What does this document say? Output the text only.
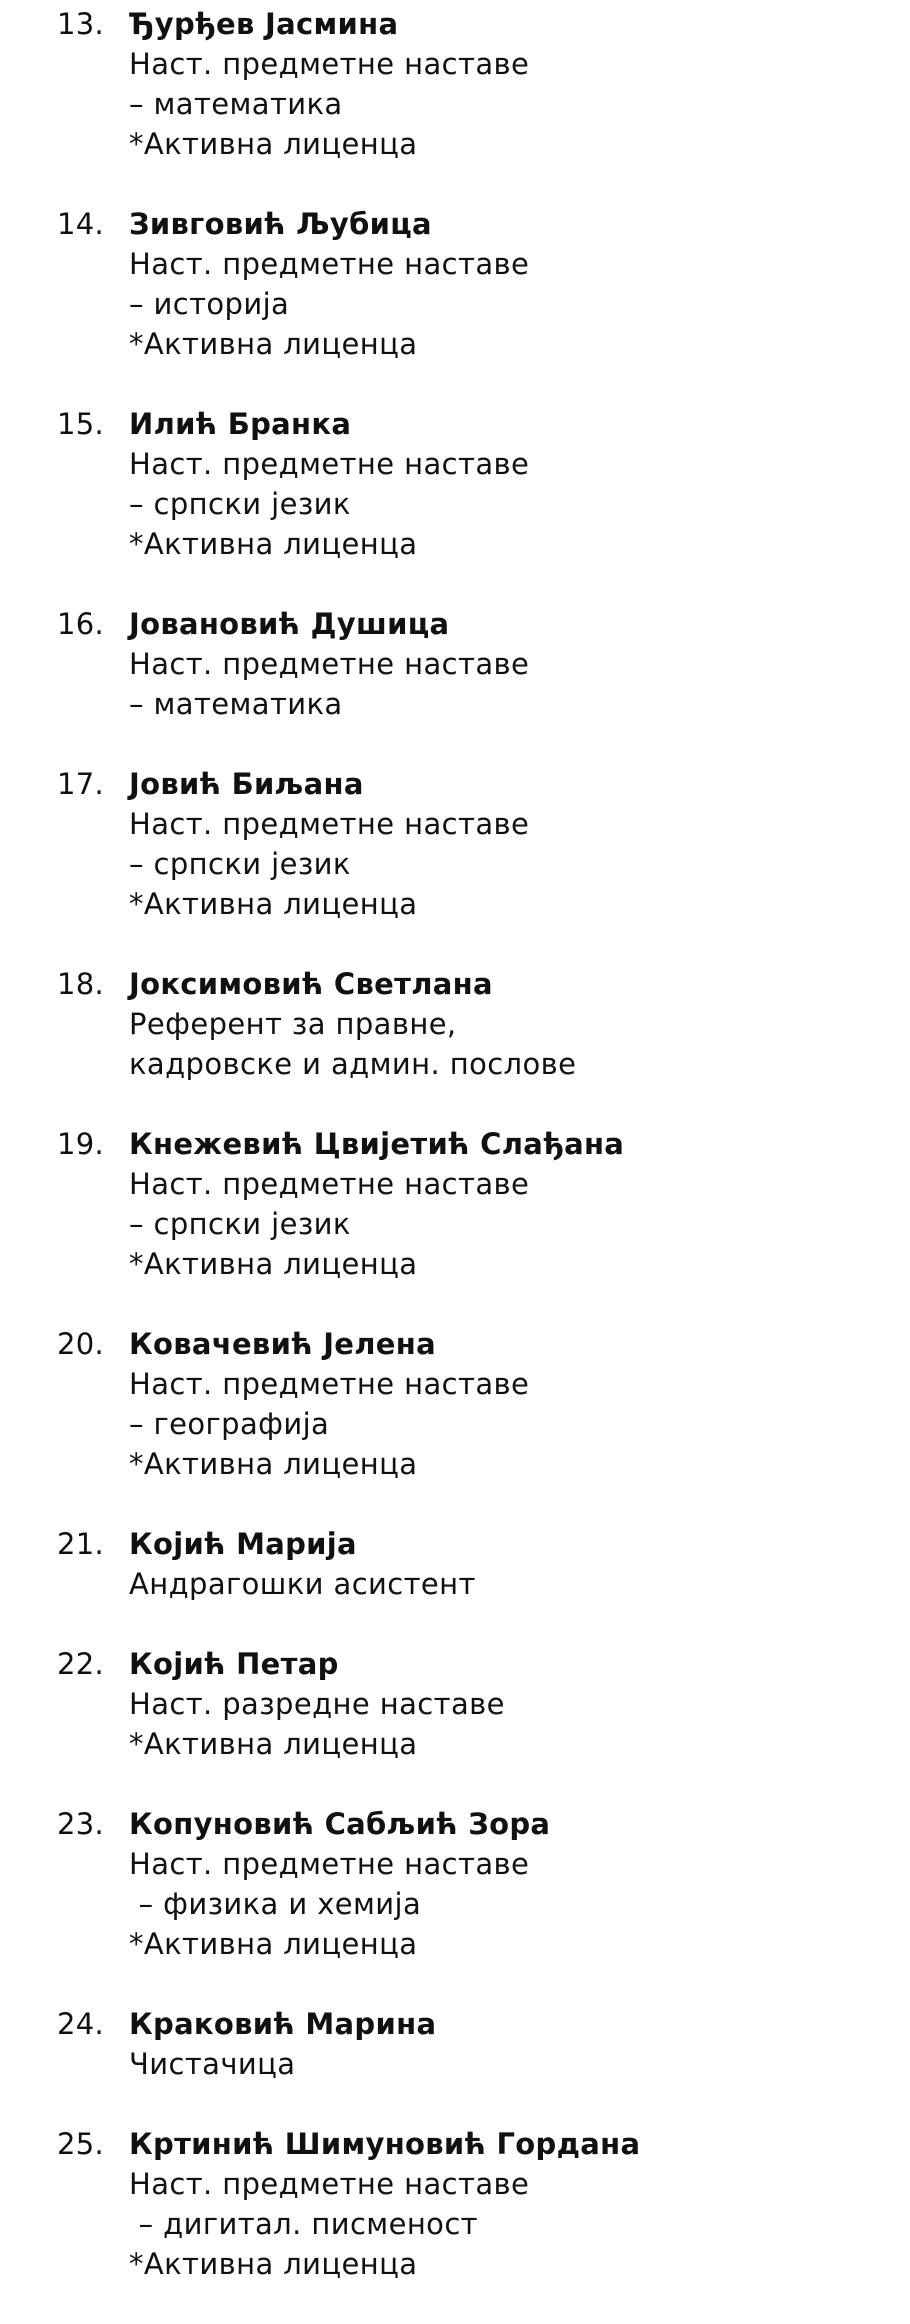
13. Ђурђев Јасмина
Наст. предметне наставе
– математика
*Активна лиценца
14. Зивговић Љубица
Наст. предметне наставе
– историја
*Активна лиценца
15. Илић Бранка
Наст. предметне наставе
– српски језик
*Активна лиценца
16. Јовановић Душица
Наст. предметне наставе
– математика
17. Јовић Биљана
Наст. предметне наставе
– српски језик
*Активна лиценца
18. Јоксимовић Светлана
Референт за правне,
кадровске и админ. послове
19. Кнежевић Цвијетић Слађана
Наст. предметне наставе
– српски језик
*Активна лиценца
20. Ковачевић Јелена
Наст. предметне наставе
– географија
*Активна лиценца
21. Којић Марија
Андрагошки асистент
22. Којић Петар
Наст. разредне наставе
*Активна лиценца
23. Копуновић Сабљић Зора
Наст. предметне наставе
– физика и хемија
*Активна лиценца
24. Краковић Марина
Чистачица
25. Кртинић Шимуновић Гордана
Наст. предметне наставе
– дигитал. писменост
*Активна лиценца
